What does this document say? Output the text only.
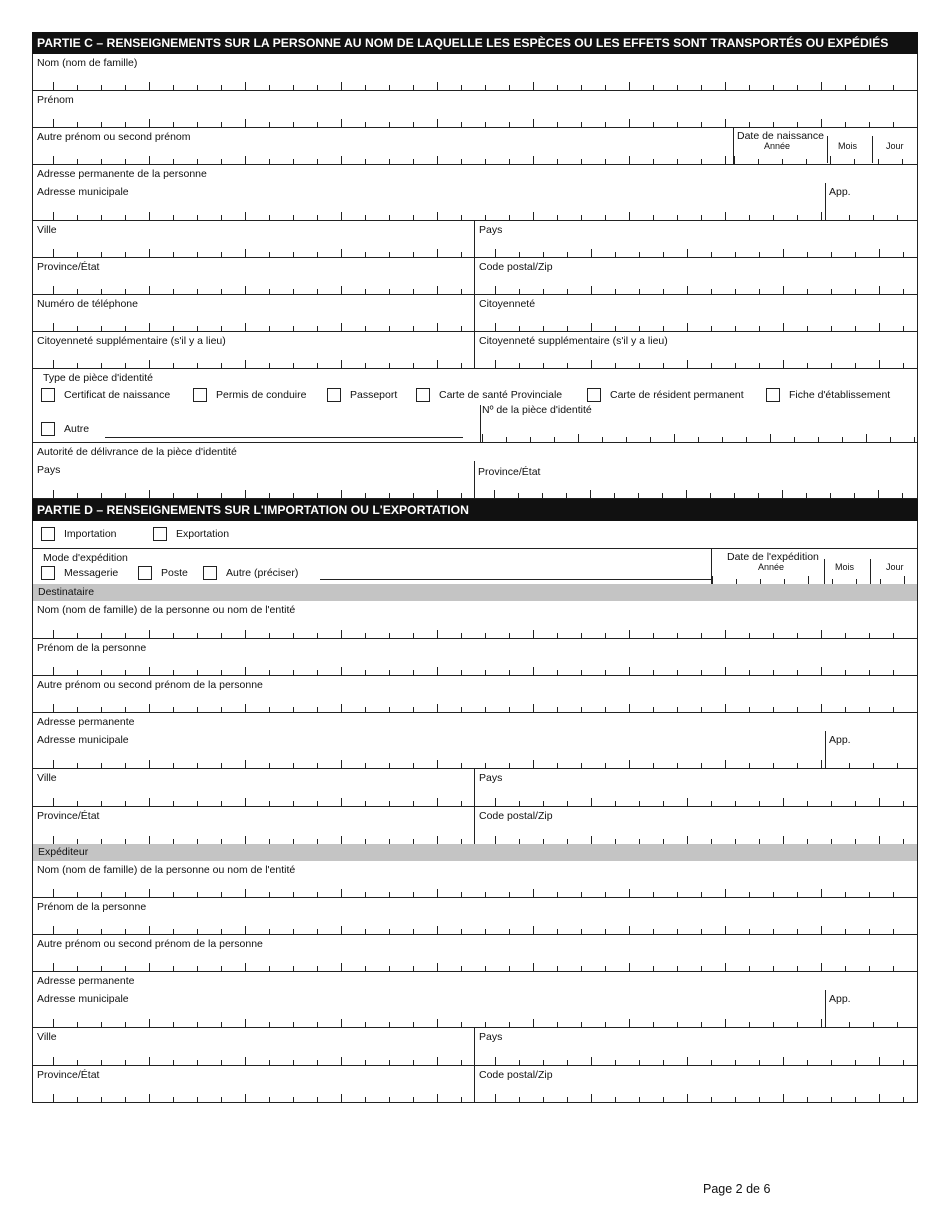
PARTIE C – RENSEIGNEMENTS SUR LA PERSONNE AU NOM DE LAQUELLE LES ESPÈCES OU LES EFFETS SONT TRANSPORTÉS OU EXPÉDIÉS
Nom (nom de famille)
Prénom
Autre prénom ou second prénom	Date de naissance
Année	Mois	Jour
Adresse permanente de la personne
Adresse municipale	App.
Ville	Pays
Province/État	Code postal/Zip
Numéro de téléphone	Citoyenneté
Citoyenneté supplémentaire (s'il y a lieu)	Citoyenneté supplémentaire (s'il y a lieu)
Type de pièce d'identité
Certificat de naissance	Permis de conduire	Passeport	Carte de santé Provinciale	Carte de résident permanent	Fiche d'établissement
Autre
Nº de la pièce d'identité
Autorité de délivrance de la pièce d'identité
Pays	Province/État
PARTIE D – RENSEIGNEMENTS SUR L'IMPORTATION OU L'EXPORTATION
Importation	Exportation
Mode d'expédition
Messagerie	Poste	Autre (préciser)
Date de l'expédition
Année	Mois	Jour
Destinataire
Nom (nom de famille) de la personne ou nom de l'entité
Prénom de la personne
Autre prénom ou second prénom de la personne
Adresse permanente
Adresse municipale	App.
Ville	Pays
Province/État	Code postal/Zip
Expéditeur
Nom (nom de famille) de la personne ou nom de l'entité
Prénom de la personne
Autre prénom ou second prénom de la personne
Adresse permanente
Adresse municipale	App.
Ville	Pays
Province/État	Code postal/Zip
Page 2 de 6
